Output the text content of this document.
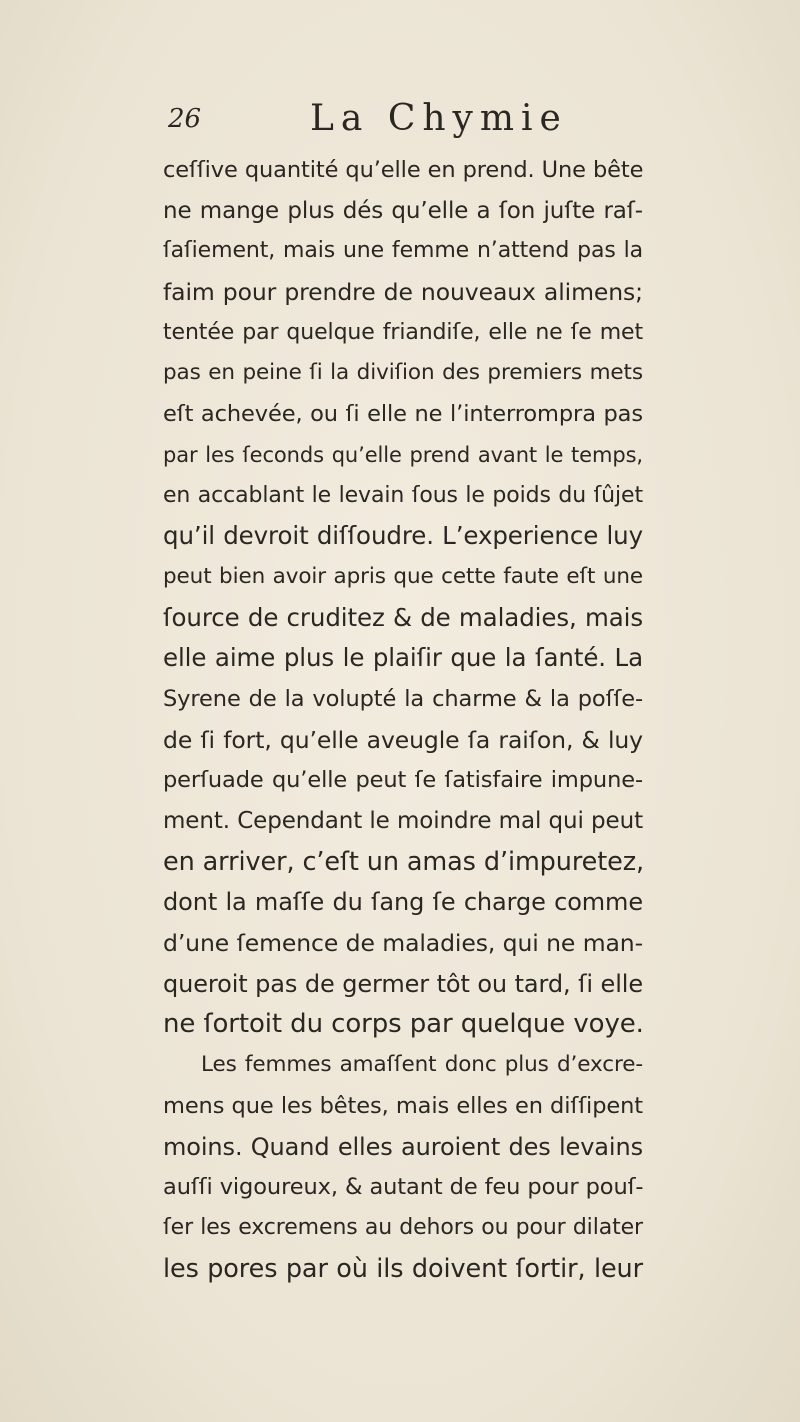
26	La Chymie
ceſſive quantité qu’elle en prend. Une bête
ne mange plus dés qu’elle a ſon juſte raſ-
ſaſiement, mais une femme n’attend pas la
faim pour prendre de nouveaux alimens;
tentée par quelque friandiſe, elle ne ſe met
pas en peine ſi la diviſion des premiers mets
eſt achevée, ou ſi elle ne l’interrompra pas
par les ſeconds qu’elle prend avant le temps,
en accablant le levain ſous le poids du ſûjet
qu’il devroit diſſoudre. L’experience luy
peut bien avoir apris que cette faute eſt une
ſource de cruditez & de maladies, mais
elle aime plus le plaiſir que la ſanté. La
Syrene de la volupté la charme & la poſſe-
de ſi fort, qu’elle aveugle ſa raiſon, & luy
perſuade qu’elle peut ſe ſatisfaire impune-
ment. Cependant le moindre mal qui peut
en arriver, c’eſt un amas d’impuretez,
dont la maſſe du ſang ſe charge comme
d’une ſemence de maladies, qui ne man-
queroit pas de germer tôt ou tard, ſi elle
ne ſortoit du corps par quelque voye.
Les femmes amaſſent donc plus d’excre-
mens que les bêtes, mais elles en diſſipent
moins. Quand elles auroient des levains
auſſi vigoureux, & autant de feu pour pouſ-
ſer les excremens au dehors ou pour dilater
les pores par où ils doivent ſortir, leur
